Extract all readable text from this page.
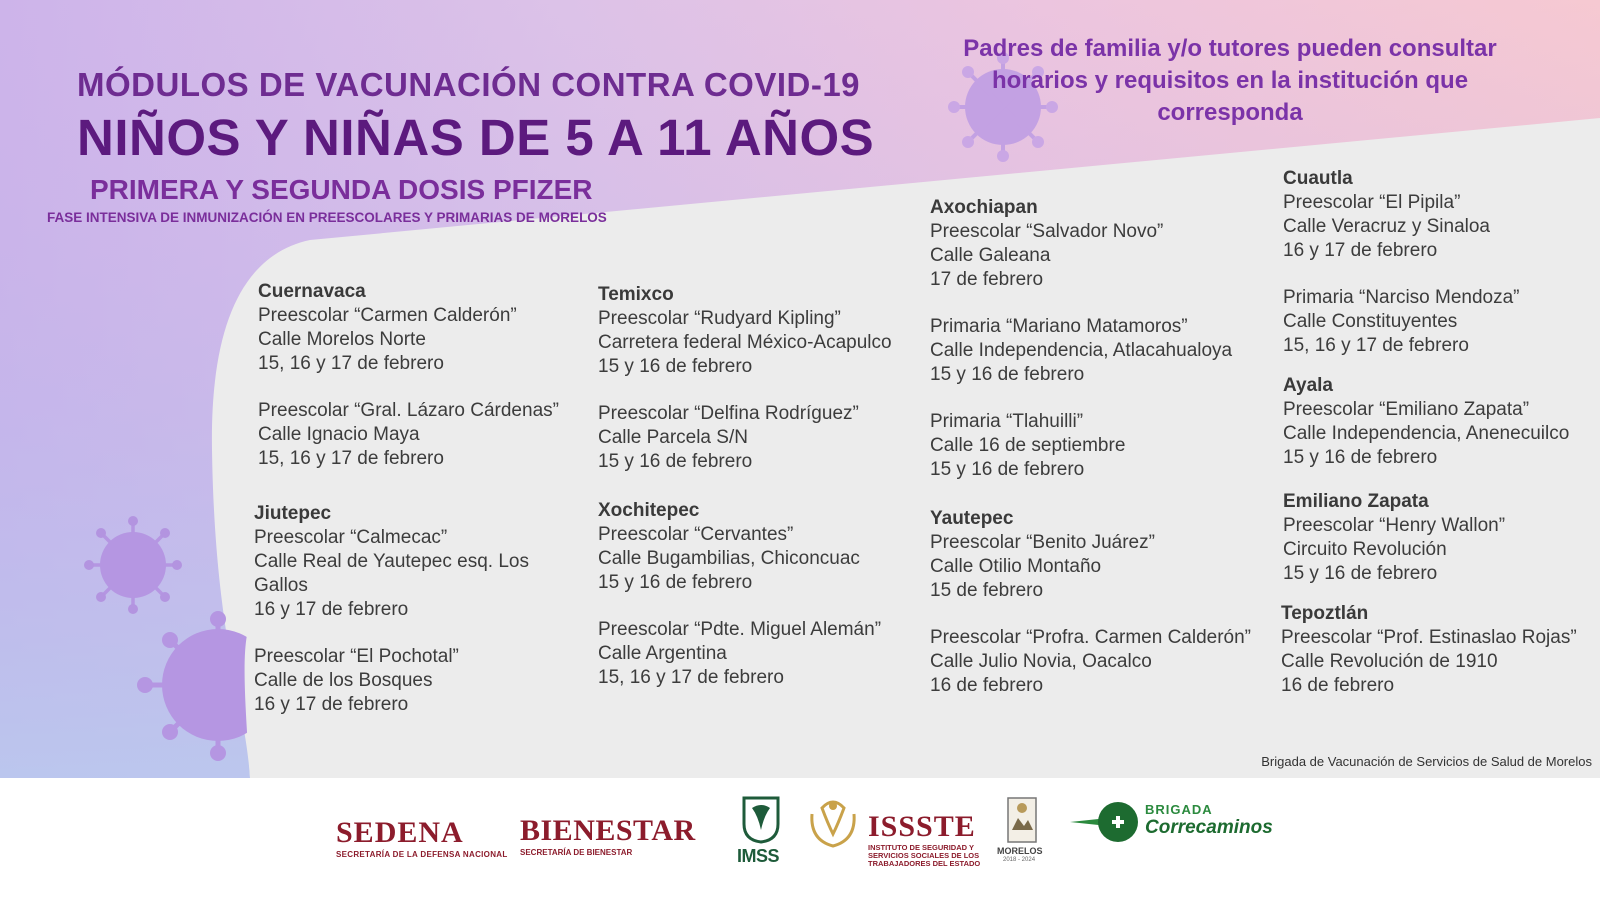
MÓDULOS DE VACUNACIÓN CONTRA COVID-19
NIÑOS Y NIÑAS DE 5 A 11 AÑOS
PRIMERA Y SEGUNDA DOSIS PFIZER
FASE INTENSIVA DE INMUNIZACIÓN EN PREESCOLARES Y PRIMARIAS DE MORELOS
Padres de familia y/o tutores pueden consultar horarios y requisitos en la institución que corresponda
Cuernavaca
Preescolar “Carmen Calderón”
Calle Morelos Norte
15, 16 y 17 de febrero
Preescolar “Gral. Lázaro Cárdenas”
Calle Ignacio Maya
15, 16 y 17 de febrero
Jiutepec
Preescolar “Calmecac”
Calle Real de Yautepec esq. Los Gallos
16 y 17 de febrero
Preescolar “El Pochotal”
Calle de los Bosques
16 y 17 de febrero
Temixco
Preescolar “Rudyard Kipling”
Carretera federal México-Acapulco
15 y 16 de febrero
Preescolar “Delfina Rodríguez”
Calle Parcela S/N
15 y 16 de febrero
Xochitepec
Preescolar “Cervantes”
Calle Bugambilias, Chiconcuac
15 y 16 de febrero
Preescolar “Pdte. Miguel Alemán”
Calle Argentina
15, 16 y 17 de febrero
Axochiapan
Preescolar “Salvador Novo”
Calle Galeana
17 de febrero
Primaria “Mariano Matamoros”
Calle Independencia, Atlacahualoya
15 y 16 de febrero
Primaria “Tlahuilli”
Calle 16 de septiembre
15 y 16 de febrero
Yautepec
Preescolar “Benito Juárez”
Calle Otilio Montaño
15 de febrero
Preescolar “Profra. Carmen Calderón”
Calle Julio Novia, Oacalco
16 de febrero
Cuautla
Preescolar “El Pipila”
Calle Veracruz y Sinaloa
16 y 17 de febrero
Primaria “Narciso Mendoza”
Calle Constituyentes
15, 16 y 17 de febrero
Ayala
Preescolar “Emiliano Zapata”
Calle Independencia, Anenecuilco
15 y 16 de febrero
Emiliano Zapata
Preescolar “Henry Wallon”
Circuito Revolución
15 y 16 de febrero
Tepoztlán
Preescolar “Prof. Estinaslao Rojas”
Calle Revolución de 1910
16 de febrero
Brigada de Vacunación de Servicios de Salud de Morelos
SEDENA
SECRETARÍA DE LA DEFENSA NACIONAL
BIENESTAR
SECRETARÍA DE BIENESTAR	IMSS
ISSSTE
INSTITUTO DE SEGURIDAD Y SERVICIOS SOCIALES DE LOS TRABAJADORES DEL ESTADO
MORELOS
2018 - 2024
BRIGADA
Correcaminos
